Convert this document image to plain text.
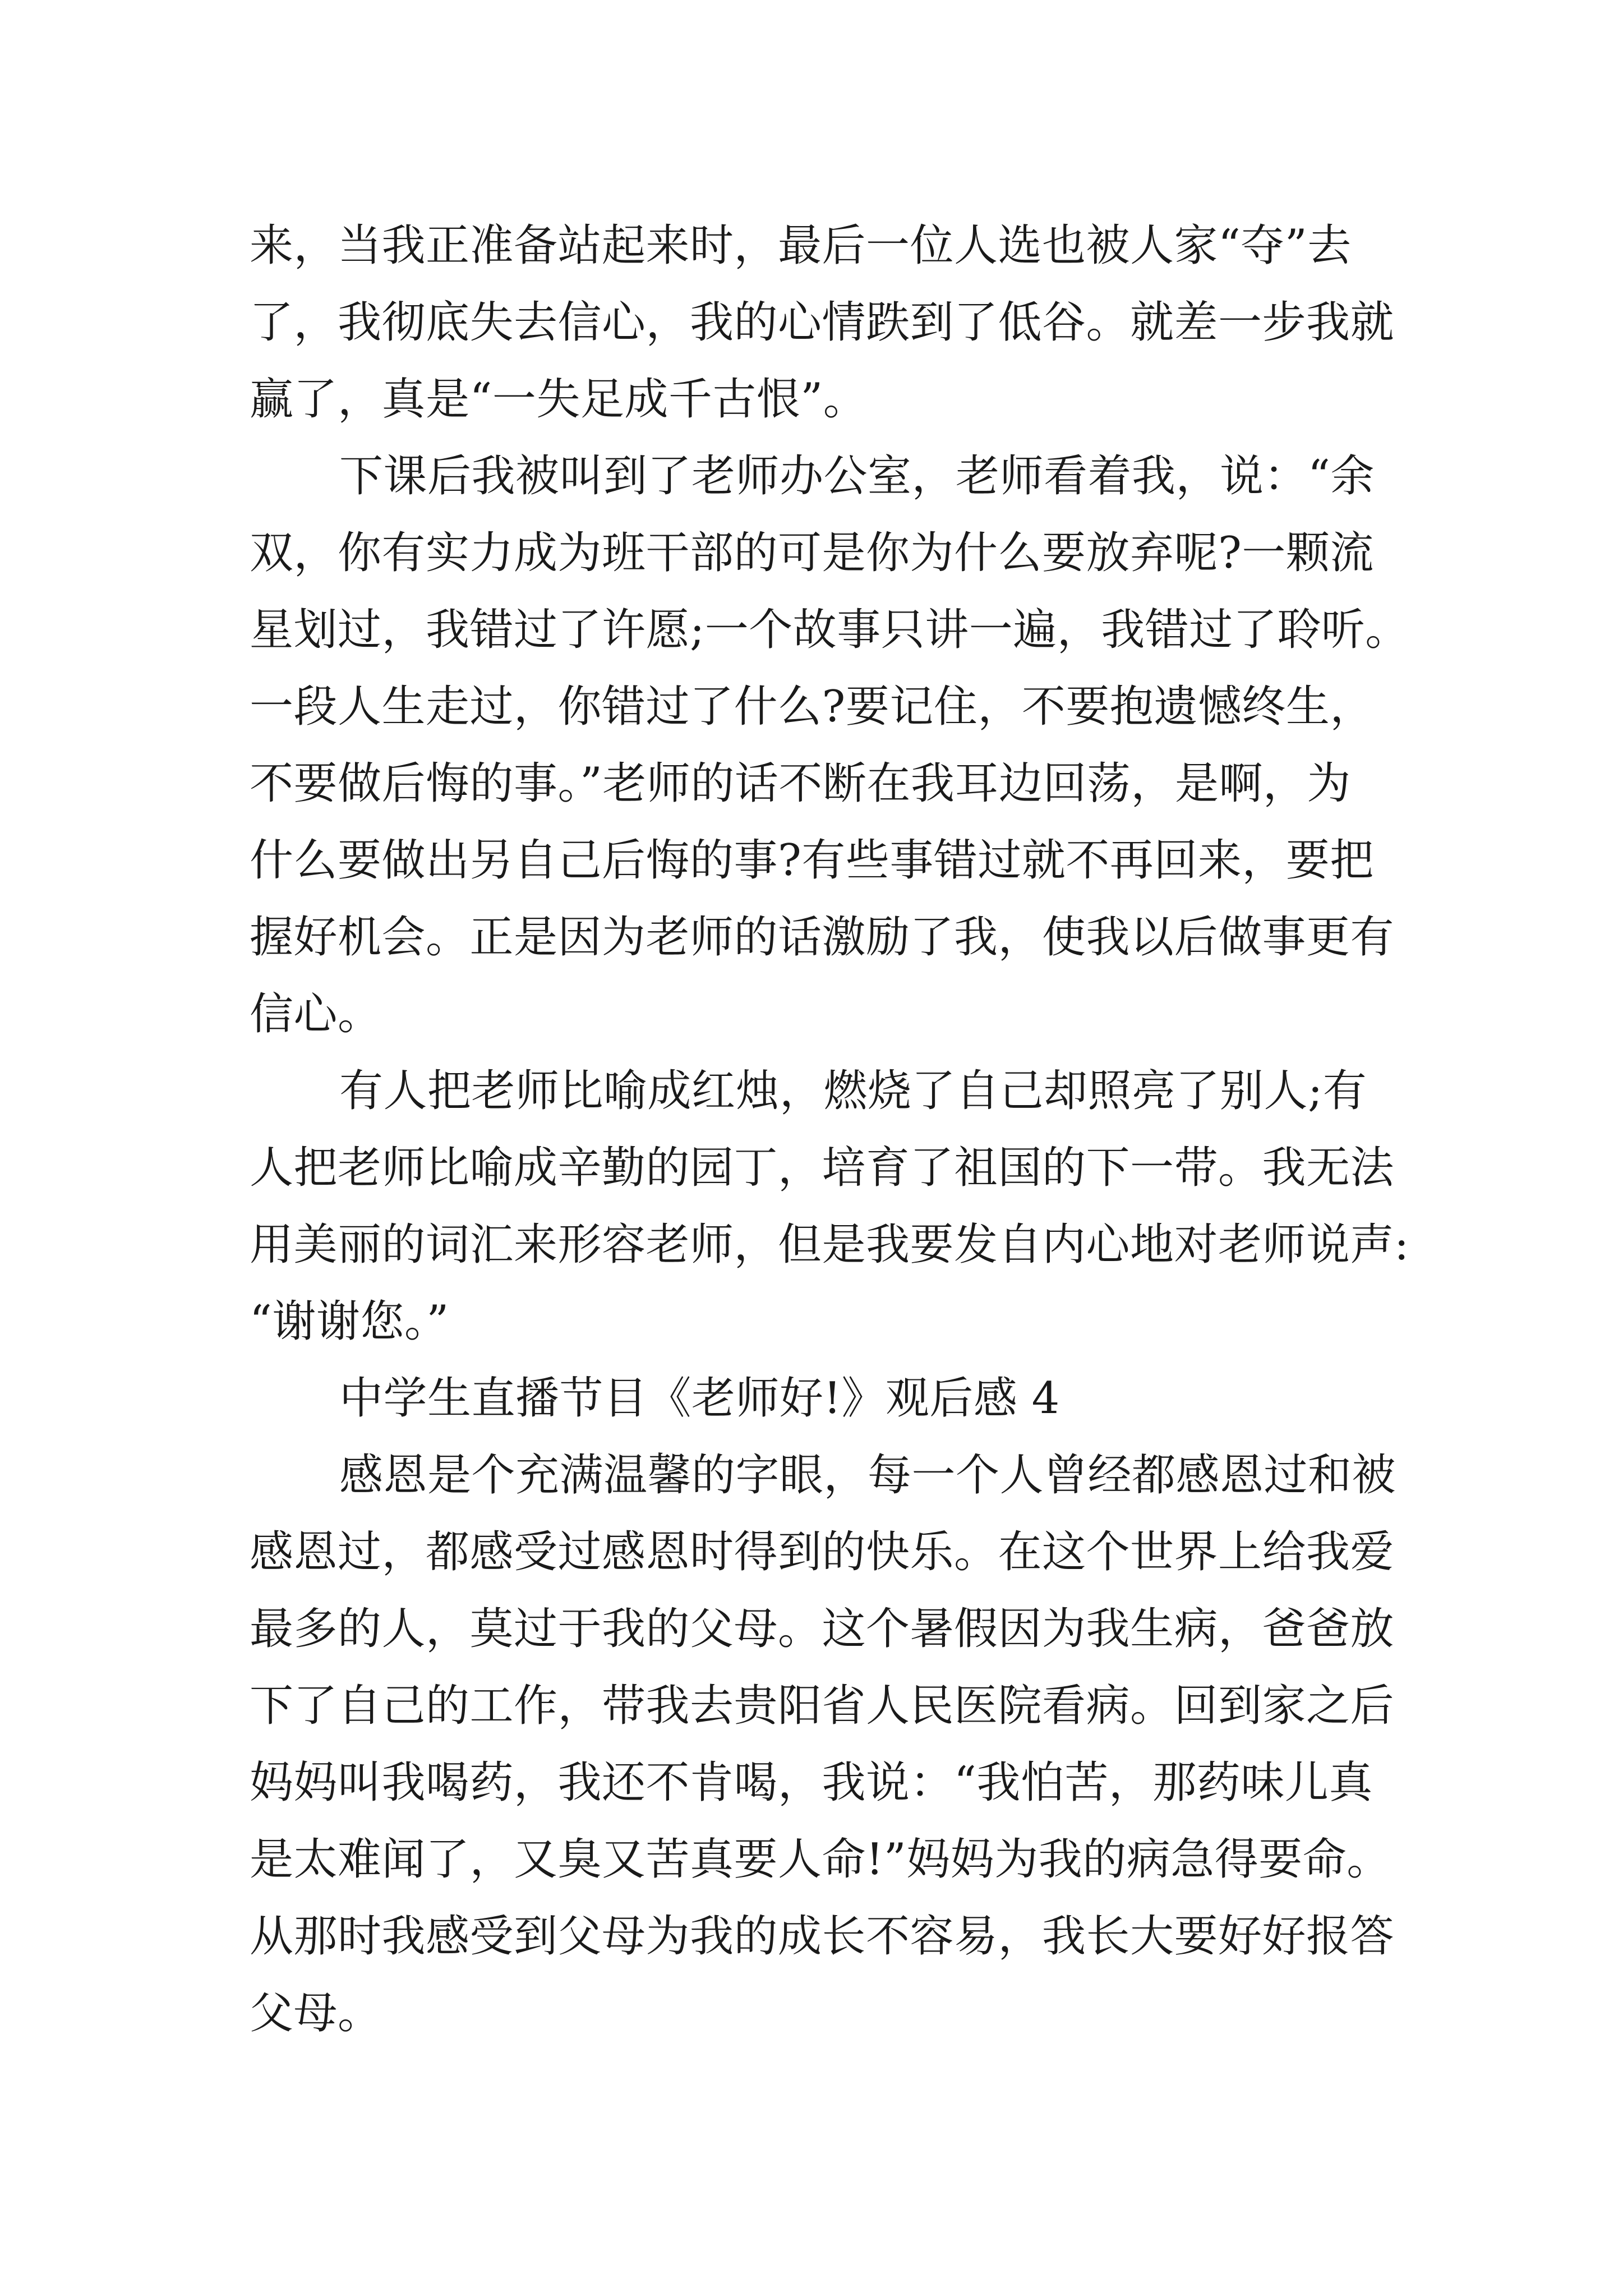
来，当我正准备站起来时，最后一位人选也被人家“夺”去
了，我彻底失去信心，我的心情跌到了低谷。就差一步我就
赢了，真是“一失足成千古恨”。
下课后我被叫到了老师办公室，老师看着我，说：“余
双，你有实力成为班干部的可是你为什么要放弃呢?一颗流
星划过，我错过了许愿;一个故事只讲一遍，我错过了聆听。
一段人生走过，你错过了什么?要记住，不要抱遗憾终生，
不要做后悔的事。”老师的话不断在我耳边回荡，是啊，为
什么要做出另自己后悔的事?有些事错过就不再回来，要把
握好机会。正是因为老师的话激励了我，使我以后做事更有
信心。
有人把老师比喻成红烛，燃烧了自己却照亮了别人;有
人把老师比喻成辛勤的园丁，培育了祖国的下一带。我无法
用美丽的词汇来形容老师，但是我要发自内心地对老师说声:
“谢谢您。”
中学生直播节目《老师好!》观后感 4
感恩是个充满温馨的字眼，每一个人曾经都感恩过和被
感恩过，都感受过感恩时得到的快乐。在这个世界上给我爱
最多的人，莫过于我的父母。这个暑假因为我生病，爸爸放
下了自己的工作，带我去贵阳省人民医院看病。回到家之后
妈妈叫我喝药，我还不肯喝，我说：“我怕苦，那药味儿真
是太难闻了，又臭又苦真要人命!”妈妈为我的病急得要命。
从那时我感受到父母为我的成长不容易，我长大要好好报答
父母。
